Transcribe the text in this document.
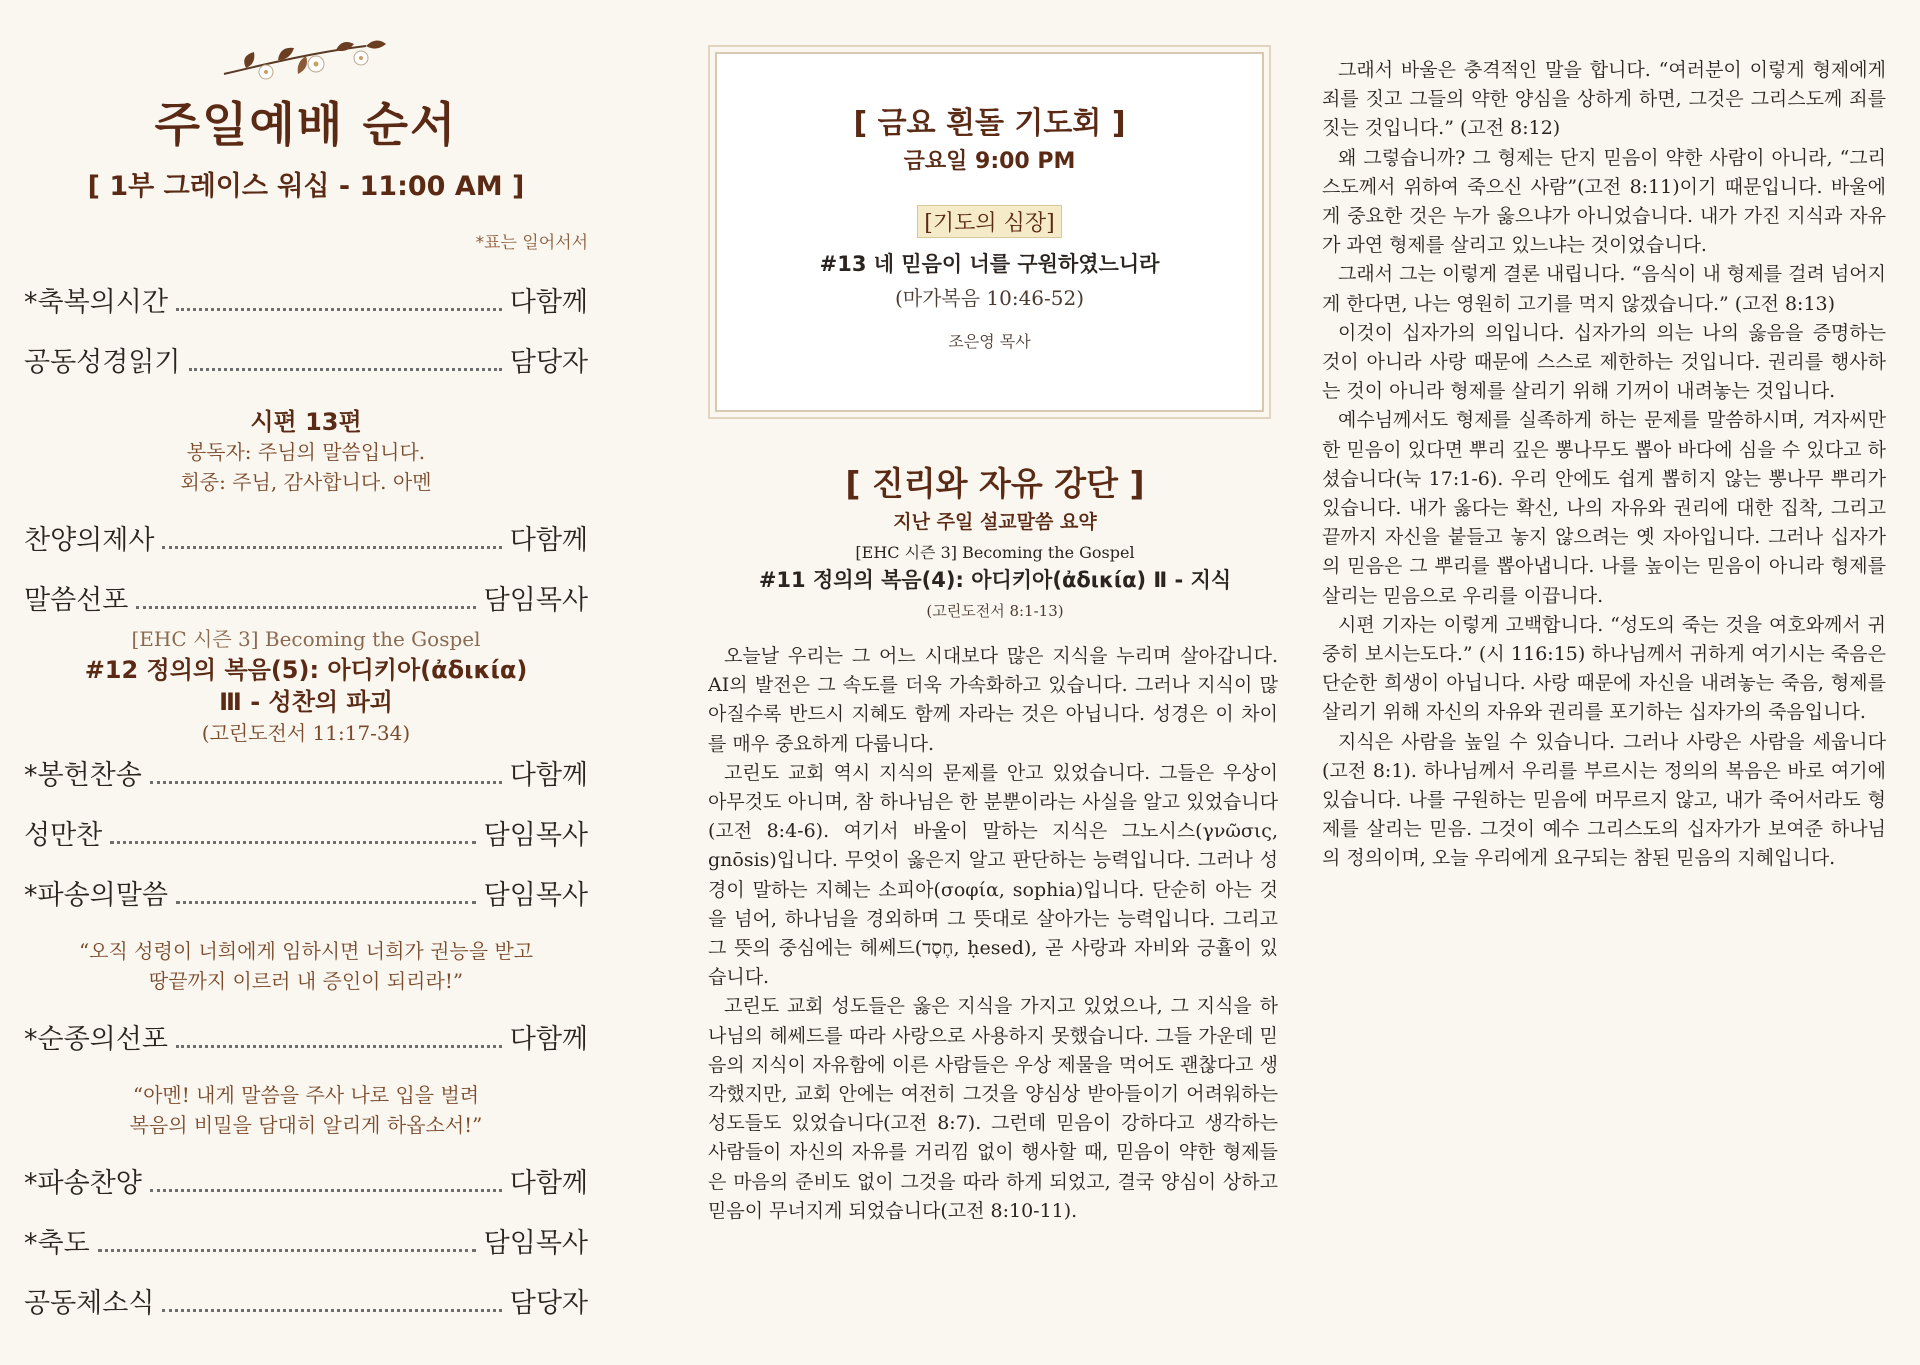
주일예배 순서
[ 1부 그레이스 워십 - 11:00 AM ]
*표는 일어서서
*축복의시간	다함께
공동성경읽기	담당자
시편 13편
봉독자: 주님의 말씀입니다.
회중: 주님, 감사합니다. 아멘
찬양의제사	다함께
말씀선포	담임목사
[EHC 시즌 3] Becoming the Gospel
#12 정의의 복음(5): 아디키아(ἀδικία)
Ⅲ - 성찬의 파괴
(고린도전서 11:17-34)
*봉헌찬송	다함께
성만찬	담임목사
*파송의말씀	담임목사
“오직 성령이 너희에게 임하시면 너희가 권능을 받고
땅끝까지 이르러 내 증인이 되리라!”
*순종의선포	다함께
“아멘! 내게 말씀을 주사 나로 입을 벌려
복음의 비밀을 담대히 알리게 하옵소서!”
*파송찬양	다함께
*축도	담임목사
공동체소식	담당자
[ 금요 흰돌 기도회 ]
금요일 9:00 PM
[기도의 심장]
#13 네 믿음이 너를 구원하였느니라
(마가복음 10:46-52)
조은영 목사
[ 진리와 자유 강단 ]
지난 주일 설교말씀 요약
[EHC 시즌 3] Becoming the Gospel
#11 정의의 복음(4): 아디키아(ἀδικία) Ⅱ - 지식
(고린도전서 8:1-13)

오늘날 우리는 그 어느 시대보다 많은 지식을 누리며 살아갑니다. AI의 발전은 그 속도를 더욱 가속화하고 있습니다. 그러나 지식이 많아질수록 반드시 지혜도 함께 자라는 것은 아닙니다. 성경은 이 차이를 매우 중요하게 다룹니다.

고린도 교회 역시 지식의 문제를 안고 있었습니다. 그들은 우상이 아무것도 아니며, 참 하나님은 한 분뿐이라는 사실을 알고 있었습니다(고전 8:4-6). 여기서 바울이 말하는 지식은 그노시스(γνῶσις, gnōsis)입니다. 무엇이 옳은지 알고 판단하는 능력입니다. 그러나 성경이 말하는 지혜는 소피아(σοφία, sophia)입니다. 단순히 아는 것을 넘어, 하나님을 경외하며 그 뜻대로 살아가는 능력입니다. 그리고 그 뜻의 중심에는 헤쎄드(חֶסֶד, ḥesed), 곧 사랑과 자비와 긍휼이 있습니다.

고린도 교회 성도들은 옳은 지식을 가지고 있었으나, 그 지식을 하나님의 헤쎄드를 따라 사랑으로 사용하지 못했습니다. 그들 가운데 믿음의 지식이 자유함에 이른 사람들은 우상 제물을 먹어도 괜찮다고 생각했지만, 교회 안에는 여전히 그것을 양심상 받아들이기 어려워하는 성도들도 있었습니다(고전 8:7). 그런데 믿음이 강하다고 생각하는 사람들이 자신의 자유를 거리낌 없이 행사할 때, 믿음이 약한 형제들은 마음의 준비도 없이 그것을 따라 하게 되었고, 결국 양심이 상하고 믿음이 무너지게 되었습니다(고전 8:10-11).

그래서 바울은 충격적인 말을 합니다. “여러분이 이렇게 형제에게 죄를 짓고 그들의 약한 양심을 상하게 하면, 그것은 그리스도께 죄를 짓는 것입니다.” (고전 8:12)

왜 그렇습니까? 그 형제는 단지 믿음이 약한 사람이 아니라, “그리스도께서 위하여 죽으신 사람”(고전 8:11)이기 때문입니다. 바울에게 중요한 것은 누가 옳으냐가 아니었습니다. 내가 가진 지식과 자유가 과연 형제를 살리고 있느냐는 것이었습니다.

그래서 그는 이렇게 결론 내립니다. “음식이 내 형제를 걸려 넘어지게 한다면, 나는 영원히 고기를 먹지 않겠습니다.” (고전 8:13)

이것이 십자가의 의입니다. 십자가의 의는 나의 옳음을 증명하는 것이 아니라 사랑 때문에 스스로 제한하는 것입니다. 권리를 행사하는 것이 아니라 형제를 살리기 위해 기꺼이 내려놓는 것입니다.

예수님께서도 형제를 실족하게 하는 문제를 말씀하시며, 겨자씨만한 믿음이 있다면 뿌리 깊은 뽕나무도 뽑아 바다에 심을 수 있다고 하셨습니다(눅 17:1-6). 우리 안에도 쉽게 뽑히지 않는 뽕나무 뿌리가 있습니다. 내가 옳다는 확신, 나의 자유와 권리에 대한 집착, 그리고 끝까지 자신을 붙들고 놓지 않으려는 옛 자아입니다. 그러나 십자가의 믿음은 그 뿌리를 뽑아냅니다. 나를 높이는 믿음이 아니라 형제를 살리는 믿음으로 우리를 이끕니다.

시편 기자는 이렇게 고백합니다. “성도의 죽는 것을 여호와께서 귀중히 보시는도다.” (시 116:15) 하나님께서 귀하게 여기시는 죽음은 단순한 희생이 아닙니다. 사랑 때문에 자신을 내려놓는 죽음, 형제를 살리기 위해 자신의 자유와 권리를 포기하는 십자가의 죽음입니다.

지식은 사람을 높일 수 있습니다. 그러나 사랑은 사람을 세웁니다(고전 8:1). 하나님께서 우리를 부르시는 정의의 복음은 바로 여기에 있습니다. 나를 구원하는 믿음에 머무르지 않고, 내가 죽어서라도 형제를 살리는 믿음. 그것이 예수 그리스도의 십자가가 보여준 하나님의 정의이며, 오늘 우리에게 요구되는 참된 믿음의 지혜입니다.
